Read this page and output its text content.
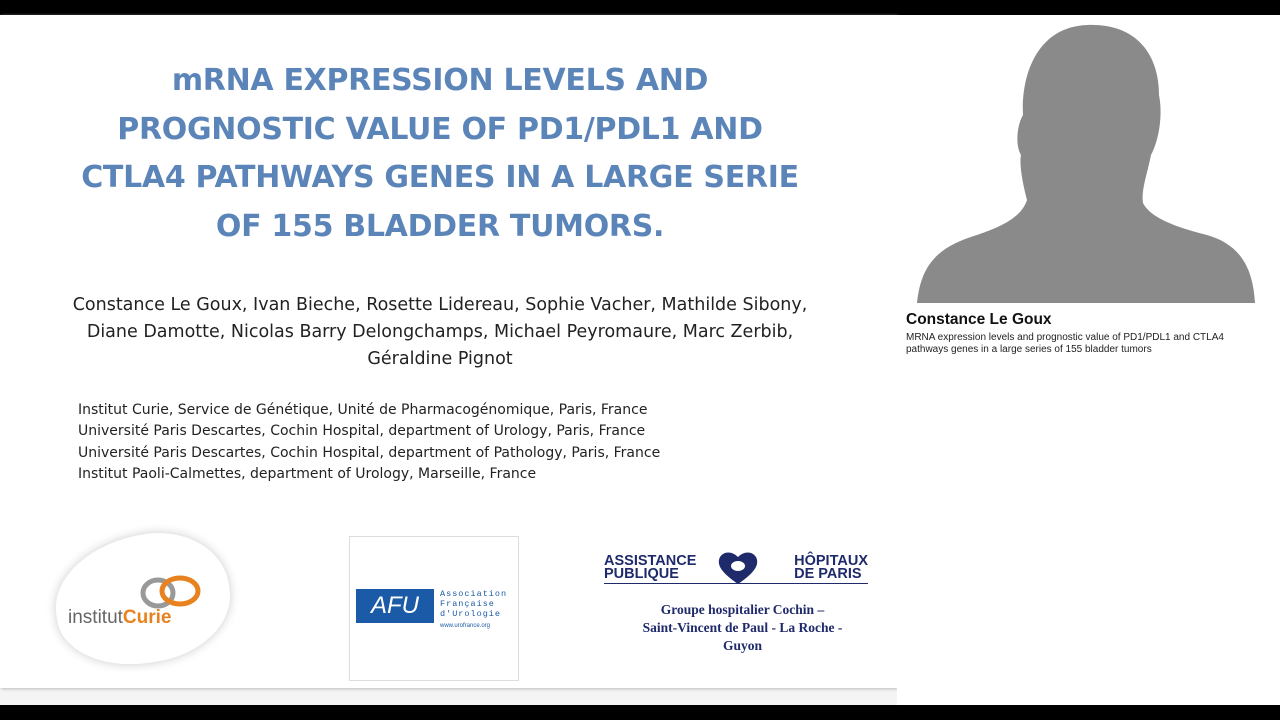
mRNA EXPRESSION LEVELS AND
PROGNOSTIC VALUE OF PD1/PDL1 AND
CTLA4 PATHWAYS GENES IN A LARGE SERIE
OF 155 BLADDER TUMORS.
Constance Le Goux, Ivan Bieche, Rosette Lidereau, Sophie Vacher, Mathilde Sibony, Diane Damotte, Nicolas Barry Delongchamps, Michael Peyromaure, Marc Zerbib, Géraldine Pignot
Institut Curie, Service de Génétique, Unité de Pharmacogénomique, Paris, France
Université Paris Descartes, Cochin Hospital, department of Urology, Paris, France
Université Paris Descartes, Cochin Hospital, department of Pathology, Paris, France
Institut Paoli-Calmettes, department of Urology, Marseille, France
institutCurie	AFU	Association
Française
d'Urologie
www.urofrance.org
ASSISTANCE
PUBLIQUE
HÔPITAUX
DE PARIS
Groupe hospitalier Cochin –
Saint-Vincent de Paul - La Roche -
Guyon
Constance Le Goux
MRNA expression levels and prognostic value of PD1/PDL1 and CTLA4 pathways genes in a large series of 155 bladder tumors
